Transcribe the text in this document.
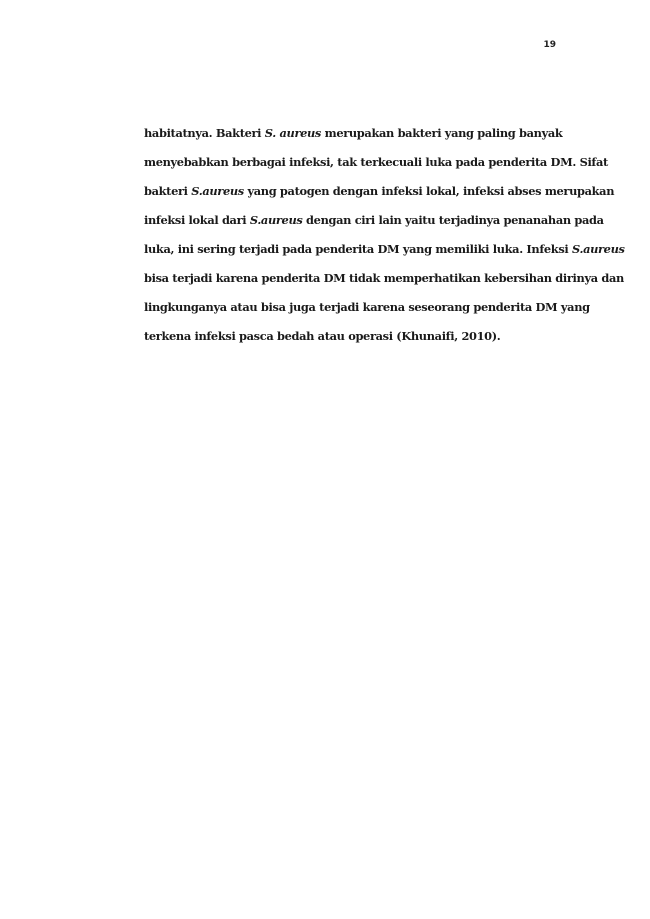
19
habitatnya. Bakteri S. aureus merupakan bakteri yang paling banyak
menyebabkan berbagai infeksi, tak terkecuali luka pada penderita DM. Sifat
bakteri S.aureus yang patogen dengan infeksi lokal, infeksi abses merupakan
infeksi lokal dari S.aureus dengan ciri lain yaitu terjadinya penanahan pada
luka, ini sering terjadi pada penderita DM yang memiliki luka. Infeksi S.aureus
bisa terjadi karena penderita DM tidak memperhatikan kebersihan dirinya dan
lingkunganya atau bisa juga terjadi karena seseorang penderita DM yang
terkena infeksi pasca bedah atau operasi (Khunaifi, 2010).
